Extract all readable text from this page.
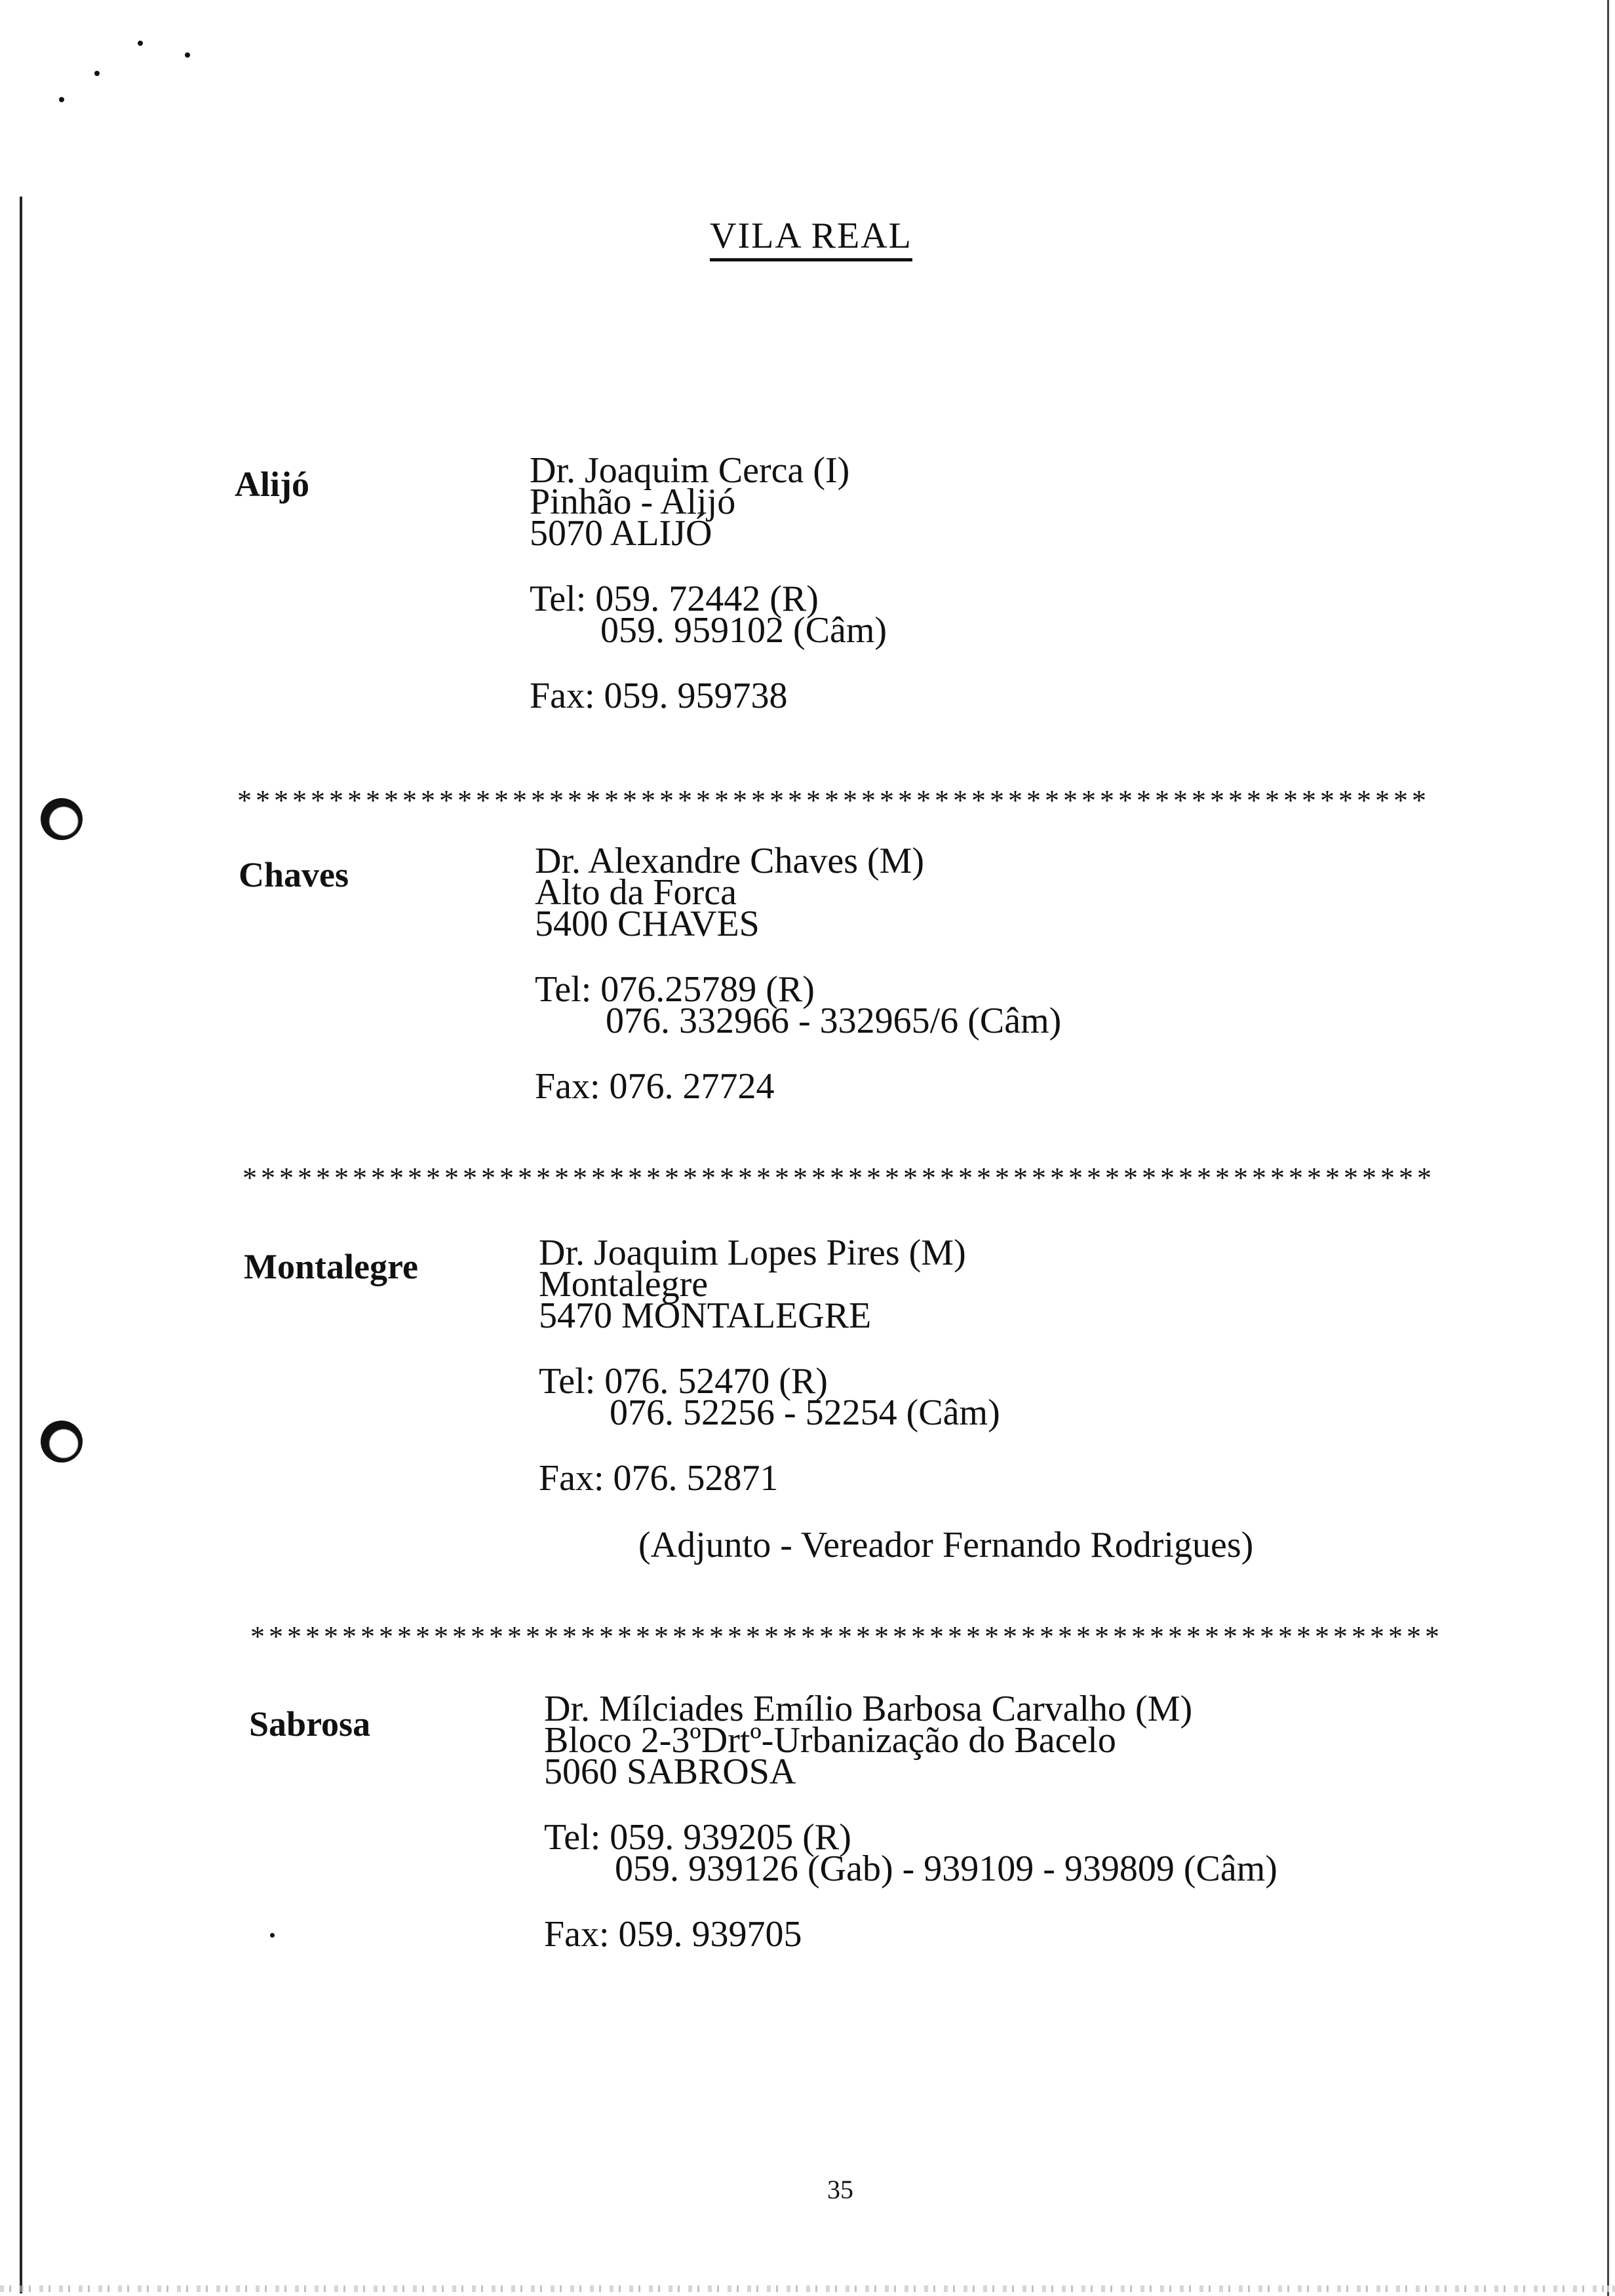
VILA REAL
Alijó	Dr. Joaquim Cerca (I)
Pinhão - Alijó
5070 ALIJÓ
Tel: 059. 72442 (R)
059. 959102 (Câm)
Fax: 059. 959738
*****************************************************************
Chaves	Dr. Alexandre Chaves (M)
Alto da Forca
5400 CHAVES
Tel: 076.25789 (R)
076. 332966 - 332965/6 (Câm)
Fax: 076. 27724
*****************************************************************
Montalegre	Dr. Joaquim Lopes Pires (M)
Montalegre
5470 MONTALEGRE
Tel: 076. 52470 (R)
076. 52256 - 52254 (Câm)
Fax: 076. 52871
(Adjunto - Vereador Fernando Rodrigues)
*****************************************************************
Sabrosa	Dr. Mílciades Emílio Barbosa Carvalho (M)
Bloco 2-3ºDrtº-Urbanização do Bacelo
5060 SABROSA
Tel: 059. 939205 (R)
059. 939126 (Gab) - 939109 - 939809 (Câm)
Fax: 059. 939705
35
